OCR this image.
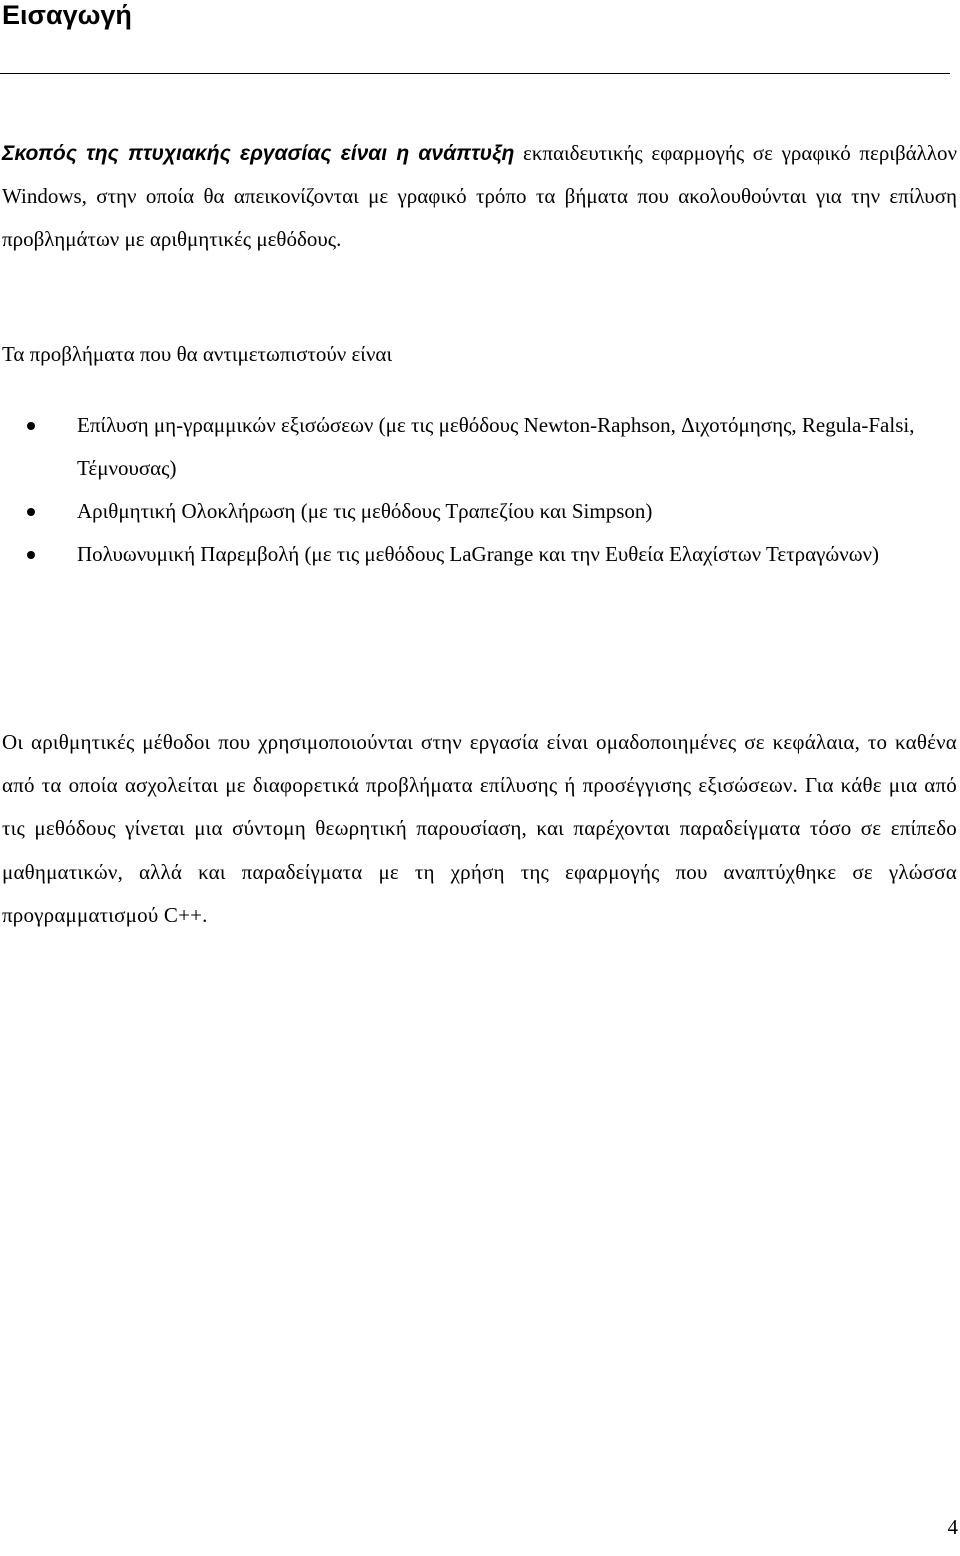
Εισαγωγή

Σκοπός της πτυχιακής εργασίας είναι η ανάπτυξη εκπαιδευτικής εφαρμογής σε γραφικό περιβάλλον Windows, στην οποία θα απεικονίζονται με γραφικό τρόπο τα βήματα που ακολουθούνται για την επίλυση προβλημάτων με αριθμητικές μεθόδους.

Τα προβλήματα που θα αντιμετωπιστούν είναι

Επίλυση μη-γραμμικών εξισώσεων (με τις μεθόδους Newton-Raphson, Διχοτόμησης, Regula-Falsi, Τέμνουσας)
Αριθμητική Ολοκλήρωση (με τις μεθόδους Τραπεζίου και Simpson)
Πολυωνυμική Παρεμβολή (με τις μεθόδους LaGrange και την Ευθεία Ελαχίστων Τετραγώνων)

Οι αριθμητικές μέθοδοι που χρησιμοποιούνται στην εργασία είναι ομαδοποιημένες σε κεφάλαια, το καθένα από τα οποία ασχολείται με διαφορετικά προβλήματα επίλυσης ή προσέγγισης εξισώσεων. Για κάθε μια από τις μεθόδους γίνεται μια σύντομη θεωρητική παρουσίαση, και παρέχονται παραδείγματα τόσο σε επίπεδο μαθηματικών, αλλά και παραδείγματα με τη χρήση της εφαρμογής που αναπτύχθηκε σε γλώσσα προγραμματισμού C++.

4
